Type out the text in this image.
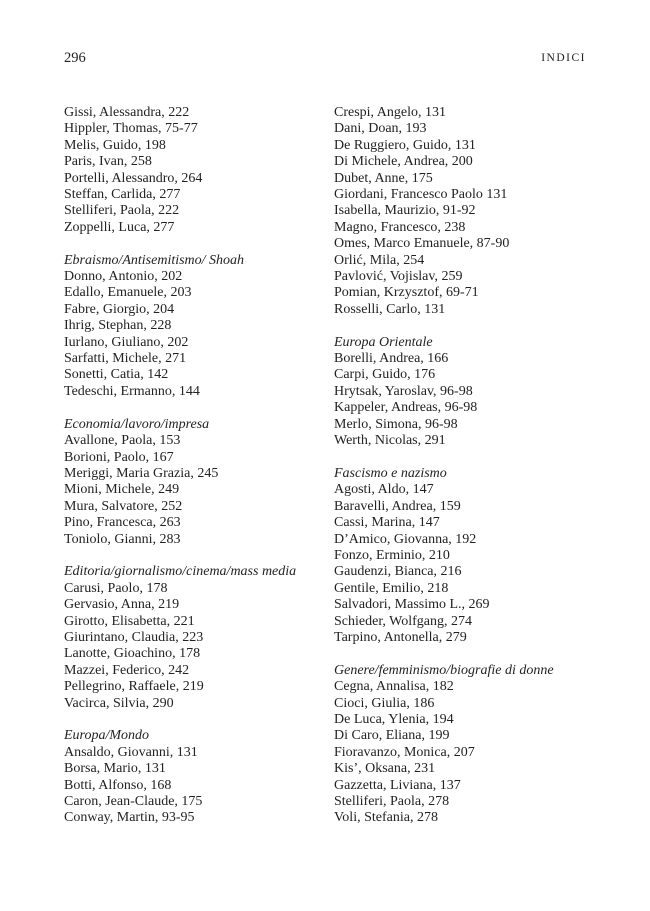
296	INDICI
Gissi, Alessandra, 222
Hippler, Thomas, 75-77
Melis, Guido, 198
Paris, Ivan, 258
Portelli, Alessandro, 264
Steffan, Carlida, 277
Stelliferi, Paola, 222
Zoppelli, Luca, 277
Ebraismo/Antisemitismo/ Shoah
Donno, Antonio, 202
Edallo, Emanuele, 203
Fabre, Giorgio, 204
Ihrig, Stephan, 228
Iurlano, Giuliano, 202
Sarfatti, Michele, 271
Sonetti, Catia, 142
Tedeschi, Ermanno, 144
Economia/lavoro/impresa
Avallone, Paola, 153
Borioni, Paolo, 167
Meriggi, Maria Grazia, 245
Mioni, Michele, 249
Mura, Salvatore, 252
Pino, Francesca, 263
Toniolo, Gianni, 283
Editoria/giornalismo/cinema/mass media
Carusi, Paolo, 178
Gervasio, Anna, 219
Girotto, Elisabetta, 221
Giurintano, Claudia, 223
Lanotte, Gioachino, 178
Mazzei, Federico, 242
Pellegrino, Raffaele, 219
Vacirca, Silvia, 290
Europa/Mondo
Ansaldo, Giovanni, 131
Borsa, Mario, 131
Botti, Alfonso, 168
Caron, Jean-Claude, 175
Conway, Martin, 93-95
Crespi, Angelo, 131
Dani, Doan, 193
De Ruggiero, Guido, 131
Di Michele, Andrea, 200
Dubet, Anne, 175
Giordani, Francesco Paolo 131
Isabella, Maurizio, 91-92
Magno, Francesco, 238
Omes, Marco Emanuele, 87-90
Orlić, Mila, 254
Pavlović, Vojislav, 259
Pomian, Krzysztof, 69-71
Rosselli, Carlo, 131
Europa Orientale
Borelli, Andrea, 166
Carpi, Guido, 176
Hrytsak, Yaroslav, 96-98
Kappeler, Andreas, 96-98
Merlo, Simona, 96-98
Werth, Nicolas, 291
Fascismo e nazismo
Agosti, Aldo, 147
Baravelli, Andrea, 159
Cassi, Marina, 147
D’Amico, Giovanna, 192
Fonzo, Erminio, 210
Gaudenzi, Bianca, 216
Gentile, Emilio, 218
Salvadori, Massimo L., 269
Schieder, Wolfgang, 274
Tarpino, Antonella, 279
Genere/femminismo/biografie di donne
Cegna, Annalisa, 182
Cioci, Giulia, 186
De Luca, Ylenia, 194
Di Caro, Eliana, 199
Fioravanzo, Monica, 207
Kis’, Oksana, 231
Gazzetta, Liviana, 137
Stelliferi, Paola, 278
Voli, Stefania, 278
